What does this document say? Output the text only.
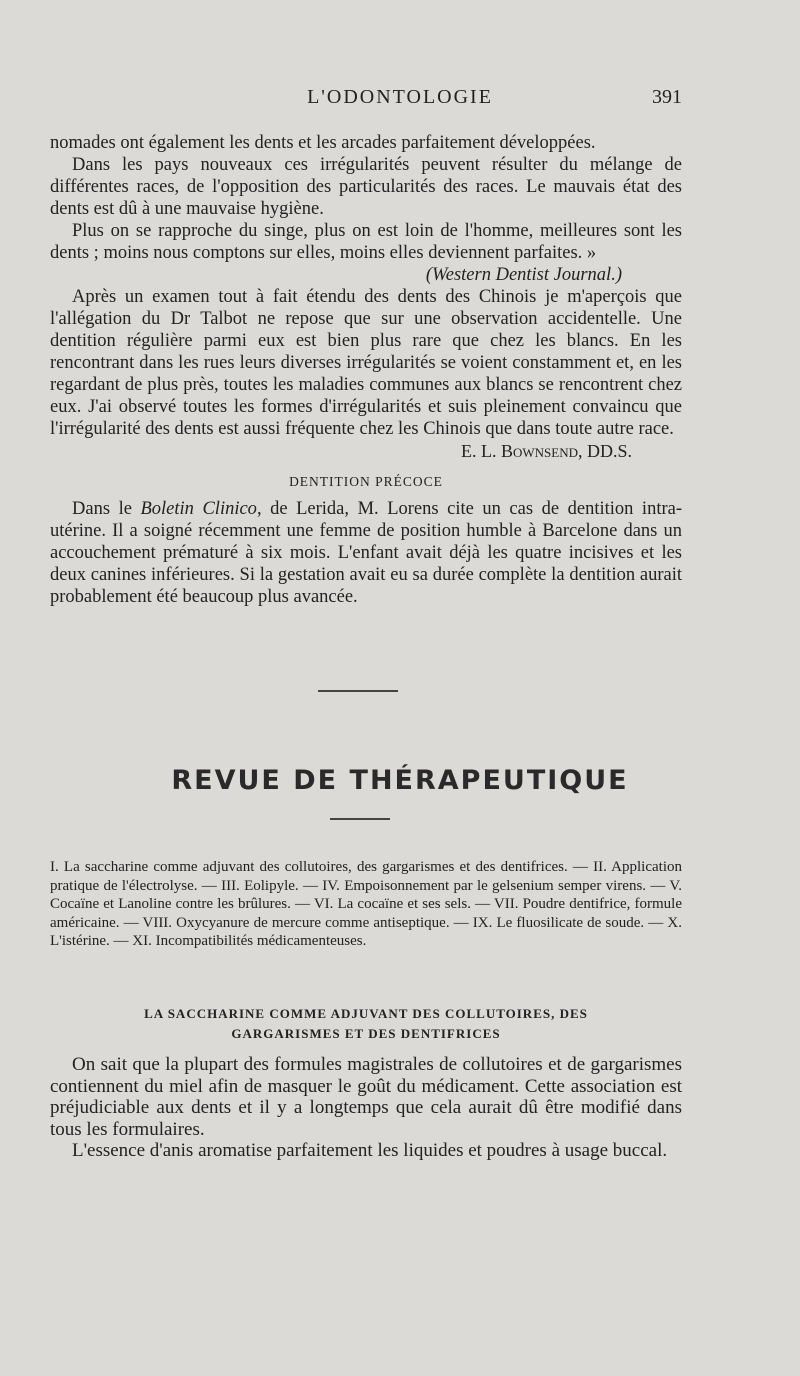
L'ODONTOLOGIE	391

nomades ont également les dents et les arcades parfaitement développées.

Dans les pays nouveaux ces irrégularités peuvent résulter du mélange de différentes races, de l'opposition des particularités des races. Le mauvais état des dents est dû à une mauvaise hygiène.

Plus on se rapproche du singe, plus on est loin de l'homme, meilleures sont les dents ; moins nous comptons sur elles, moins elles deviennent parfaites. »
(Western Dentist Journal.)

Après un examen tout à fait étendu des dents des Chinois je m'aperçois que l'allégation du Dr Talbot ne repose que sur une observation accidentelle. Une dentition régulière parmi eux est bien plus rare que chez les blancs. En les rencontrant dans les rues leurs diverses irrégularités se voient constamment et, en les regardant de plus près, toutes les maladies communes aux blancs se rencontrent chez eux. J'ai observé toutes les formes d'irrégularités et suis pleinement convaincu que l'irrégularité des dents est aussi fréquente chez les Chinois que dans toute autre race.

E. L. Bownsend, DD.S.
DENTITION PRÉCOCE

Dans le Boletin Clinico, de Lerida, M. Lorens cite un cas de dentition intra-utérine. Il a soigné récemment une femme de position humble à Barcelone dans un accouchement prématuré à six mois. L'enfant avait déjà les quatre incisives et les deux canines inférieures. Si la gestation avait eu sa durée complète la dentition aurait probablement été beaucoup plus avancée.

REVUE DE THÉRAPEUTIQUE
I. La saccharine comme adjuvant des collutoires, des gargarismes et des dentifrices. — II. Application pratique de l'électrolyse. — III. Eolipyle. — IV. Empoisonnement par le gelsenium semper virens. — V. Cocaïne et Lanoline contre les brûlures. — VI. La cocaïne et ses sels. — VII. Poudre dentifrice, formule américaine. — VIII. Oxycyanure de mercure comme antiseptique. — IX. Le fluosilicate de soude. — X. L'istérine. — XI. Incompatibilités médicamenteuses.
LA SACCHARINE COMME ADJUVANT DES COLLUTOIRES, DES
GARGARISMES ET DES DENTIFRICES

On sait que la plupart des formules magistrales de collutoires et de gargarismes contiennent du miel afin de masquer le goût du médicament. Cette association est préjudiciable aux dents et il y a longtemps que cela aurait dû être modifié dans tous les formulaires.

L'essence d'anis aromatise parfaitement les liquides et poudres à usage buccal.
